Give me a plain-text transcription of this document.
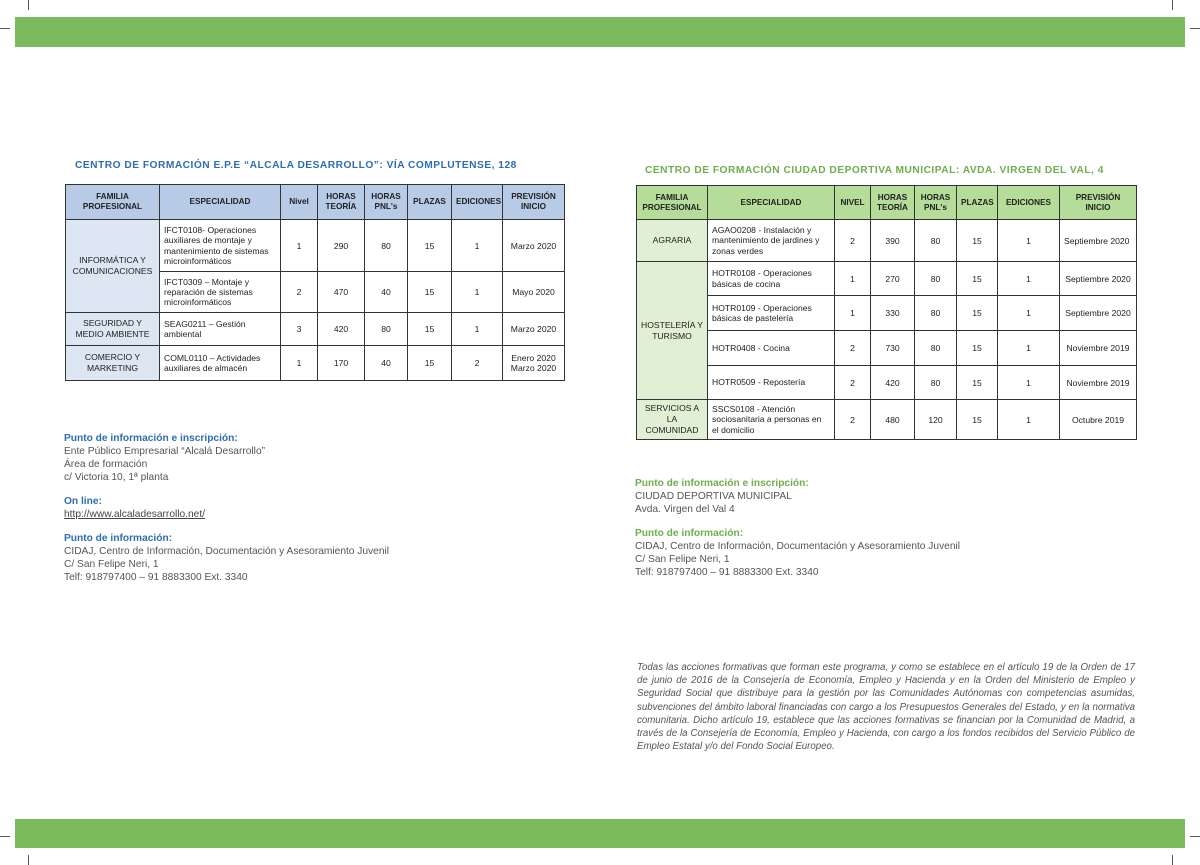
CENTRO DE FORMACIÓN E.P.E “ALCALA DESARROLLO”: VÍA COMPLUTENSE, 128
FAMILIA PROFESIONAL	ESPECIALIDAD	Nivel	HORAS TEORÍA	HORAS PNL's	PLAZAS	EDICIONES	PREVISIÓN INICIO
INFORMÁTICA Y COMUNICACIONES	IFCT0108- Operaciones auxiliares de montaje y mantenimiento de sistemas microinformáticos	1	290	80	15	1	Marzo 2020
	IFCT0309 – Montaje y reparación de sistemas microinformáticos	2	470	40	15	1	Mayo 2020
SEGURIDAD Y MEDIO AMBIENTE	SEAG0211 – Gestión ambiental	3	420	80	15	1	Marzo 2020
COMERCIO Y MARKETING	COML0110 – Actividades auxiliares de almacén	1	170	40	15	2	Enero 2020
Marzo 2020
Punto de información e inscripción:
Ente Público Empresarial “Alcalá Desarrollo”
Área de formación
c/ Victoria 10, 1ª planta
On line:
http://www.alcaladesarrollo.net/
Punto de información:
CIDAJ, Centro de Información, Documentación y Asesoramiento Juvenil
C/ San Felipe Neri, 1
Telf: 918797400 – 91 8883300 Ext. 3340
CENTRO DE FORMACIÓN CIUDAD DEPORTIVA MUNICIPAL: AVDA. VIRGEN DEL VAL, 4
FAMILIA PROFESIONAL	ESPECIALIDAD	NIVEL	HORAS TEORÍA	HORAS PNL's	PLAZAS	EDICIONES	PREVISIÓN INICIO
AGRARIA	AGAO0208 - Instalación y mantenimiento de jardines y zonas verdes	2	390	80	15	1	Septiembre 2020
HOSTELERÍA Y TURISMO	HOTR0108 - Operaciones básicas de cocina	1	270	80	15	1	Septiembre 2020
	HOTR0109 - Operaciones básicas de pastelería	1	330	80	15	1	Septiembre 2020
	HOTR0408 - Cocina	2	730	80	15	1	Noviembre 2019
	HOTR0509 - Repostería	2	420	80	15	1	Noviembre 2019
SERVICIOS A LA COMUNIDAD	SSCS0108 - Atención sociosanitaria a personas en el domicilio	2	480	120	15	1	Octubre 2019
Punto de información e inscripción:
CIUDAD DEPORTIVA MUNICIPAL
Avda. Virgen del Val 4
Punto de información:
CIDAJ, Centro de Información, Documentación y Asesoramiento Juvenil
C/ San Felipe Neri, 1
Telf: 918797400 – 91 8883300 Ext. 3340
Todas las acciones formativas que forman este programa, y como se establece en el artículo 19 de la Orden de 17 de junio de 2016 de la Consejería de Economía, Empleo y Hacienda y en la Orden del Ministerio de Empleo y Seguridad Social que distribuye para la gestión por las Comunidades Autónomas con competencias asumidas, subvenciones del ámbito laboral financiadas con cargo a los Presupuestos Generales del Estado, y en la normativa comunitaria. Dicho artículo 19, establece que las acciones formativas se financian por la Comunidad de Madrid, a través de la Consejería de Economía, Empleo y Hacienda, con cargo a los fondos recibidos del Servicio Público de Empleo Estatal y/o del Fondo Social Europeo.
